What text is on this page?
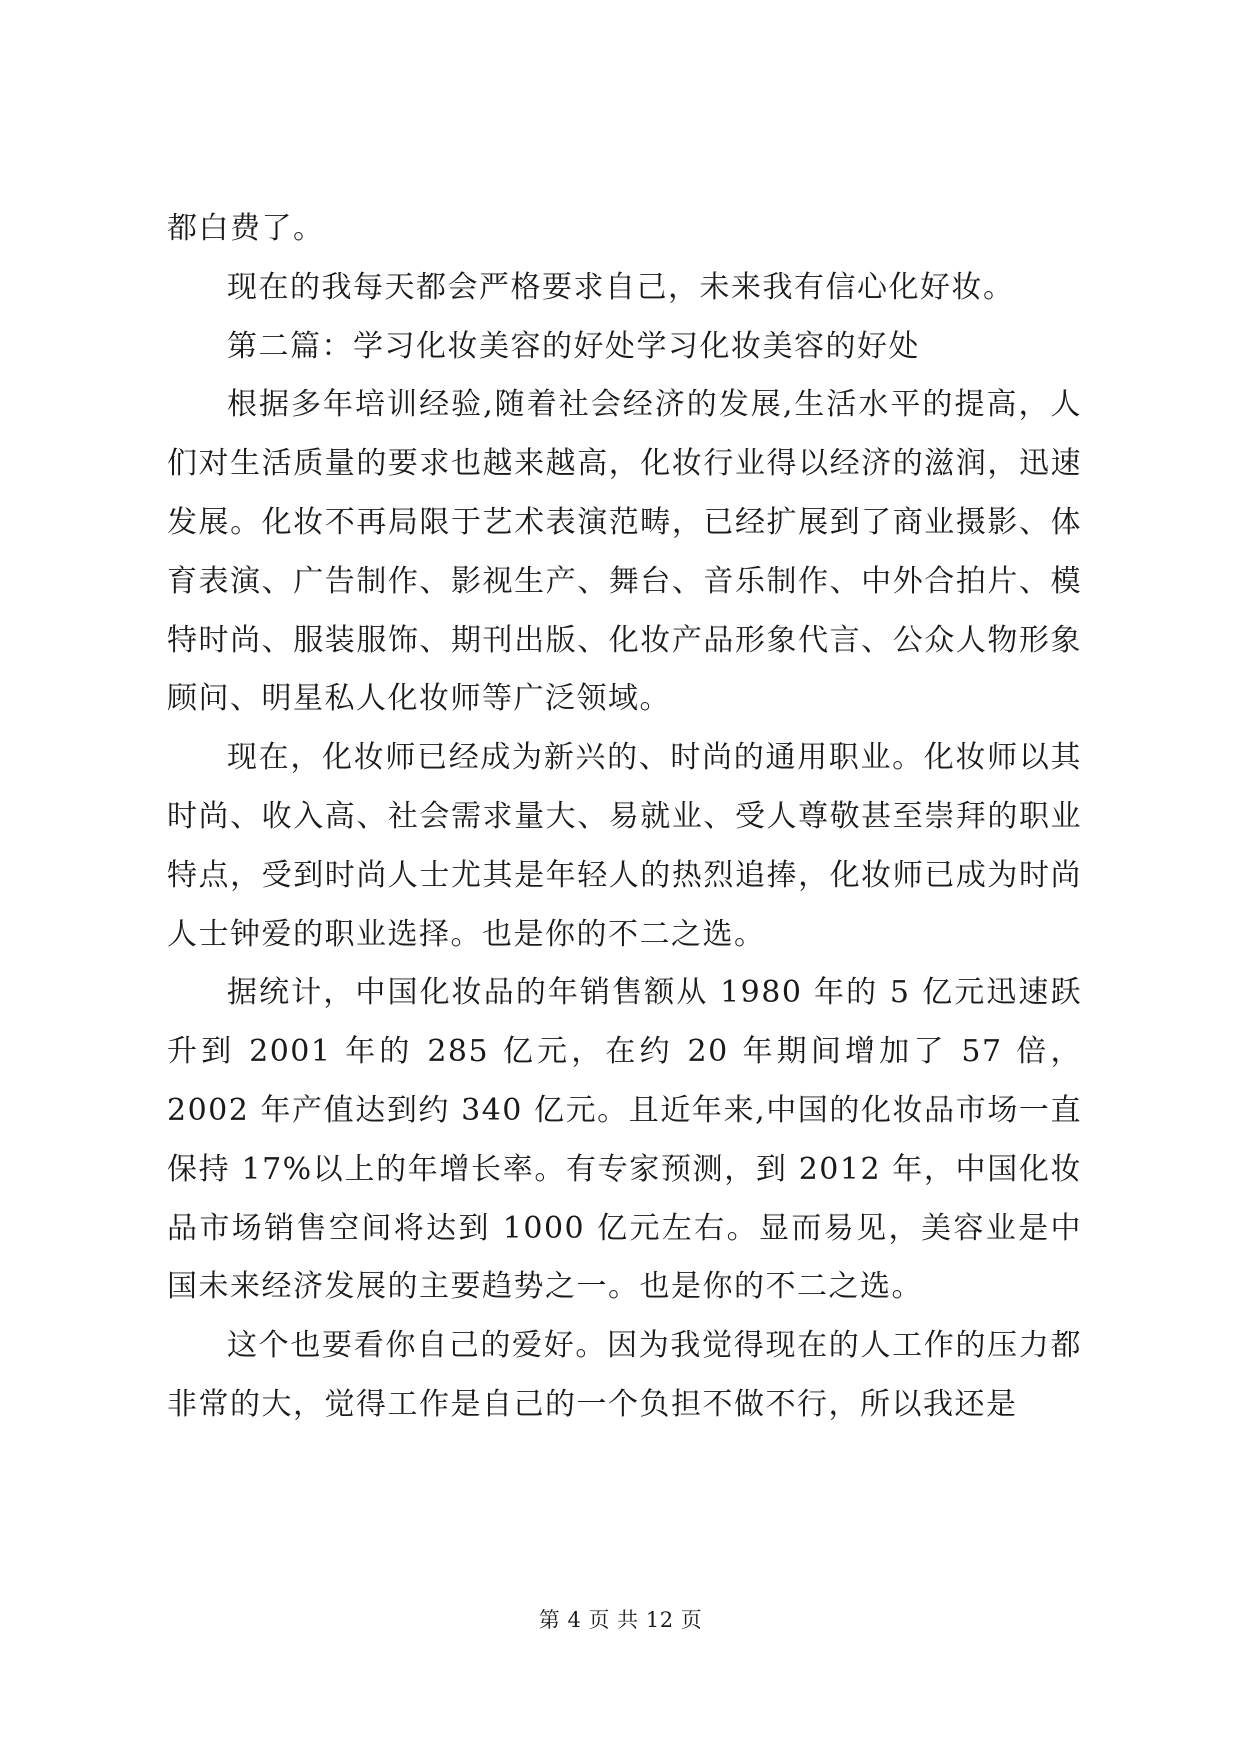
都白费了。

现在的我每天都会严格要求自己，未来我有信心化好妆。

第二篇：学习化妆美容的好处学习化妆美容的好处

根据多年培训经验,随着社会经济的发展,生活水平的提高，人们对生活质量的要求也越来越高，化妆行业得以经济的滋润，迅速发展。化妆不再局限于艺术表演范畴，已经扩展到了商业摄影、体育表演、广告制作、影视生产、舞台、音乐制作、中外合拍片、模特时尚、服装服饰、期刊出版、化妆产品形象代言、公众人物形象顾问、明星私人化妆师等广泛领域。

现在，化妆师已经成为新兴的、时尚的通用职业。化妆师以其时尚、收入高、社会需求量大、易就业、受人尊敬甚至崇拜的职业特点，受到时尚人士尤其是年轻人的热烈追捧，化妆师已成为时尚人士钟爱的职业选择。也是你的不二之选。

据统计，中国化妆品的年销售额从 1980 年的 5 亿元迅速跃升到 2001 年的 285 亿元，在约 20 年期间增加了 57 倍，2002 年产值达到约 340 亿元。且近年来,中国的化妆品市场一直保持 17%以上的年增长率。有专家预测，到 2012 年，中国化妆品市场销售空间将达到 1000 亿元左右。显而易见，美容业是中国未来经济发展的主要趋势之一。也是你的不二之选。

这个也要看你自己的爱好。因为我觉得现在的人工作的压力都非常的大，觉得工作是自己的一个负担不做不行，所以我还是

第 4 页 共 12 页
